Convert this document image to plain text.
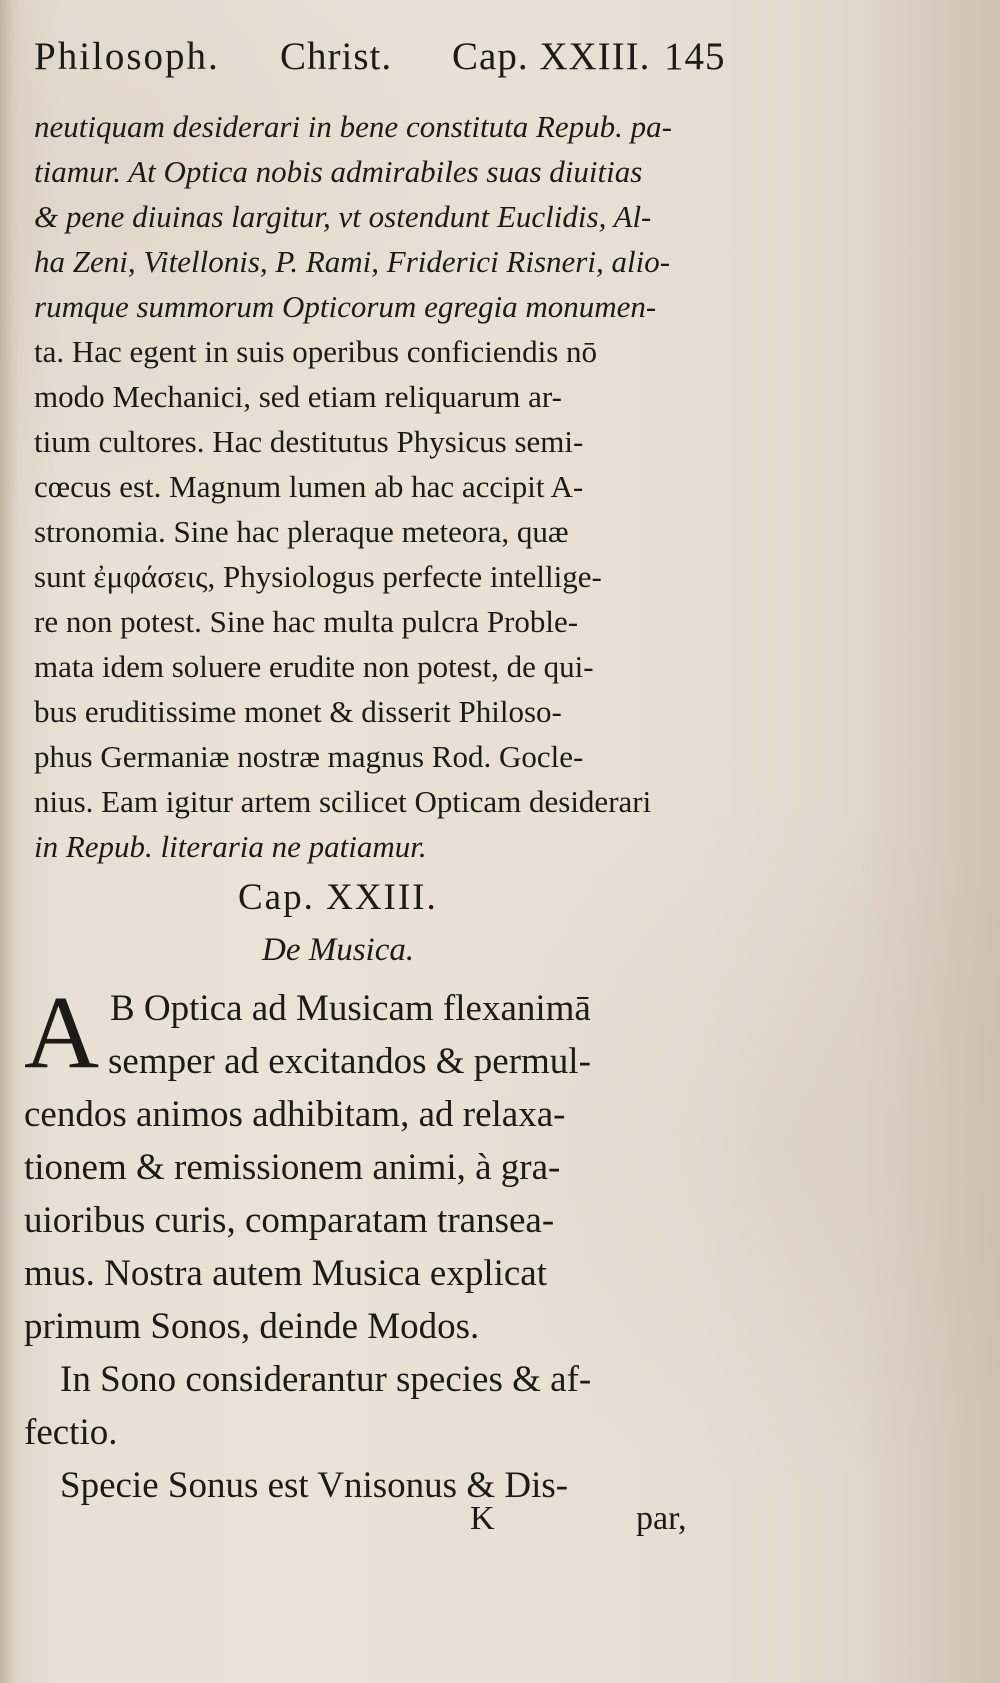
Philosoph. Christ. Cap. XXIII. 145
neutiquam desiderari in bene constituta Repub. pa-
tiamur. At Optica nobis admirabiles suas diuitias
& pene diuinas largitur, vt ostendunt Euclidis, Al-
ha Zeni, Vitellonis, P. Rami, Friderici Risneri, alio-
rumque summorum Opticorum egregia monumen-
ta. Hac egent in suis operibus conficiendis nō
modo Mechanici, sed etiam reliquarum ar-
tium cultores. Hac destitutus Physicus semi-
cœcus est. Magnum lumen ab hac accipit A-
stronomia. Sine hac pleraque meteora, quæ
sunt ἐμφάσεις, Physiologus perfecte intellige-
re non potest. Sine hac multa pulcra Proble-
mata idem soluere erudite non potest, de qui-
bus eruditissime monet & disserit Philoso-
phus Germaniæ nostræ magnus Rod. Gocle-
nius. Eam igitur artem scilicet Opticam desiderari
in Repub. literaria ne patiamur.
Cap. XXIII.
De Musica.
A B Optica ad Musicam flexanimā
semper ad excitandos & permul-
cendos animos adhibitam, ad relaxa-
tionem & remissionem animi, à gra-
uioribus curis, comparatam transea-
mus. Nostra autem Musica explicat
primum Sonos, deinde Modos.
In Sono considerantur species & af-
fectio.
Specie Sonus est Vnisonus & Dis-
K	par,
